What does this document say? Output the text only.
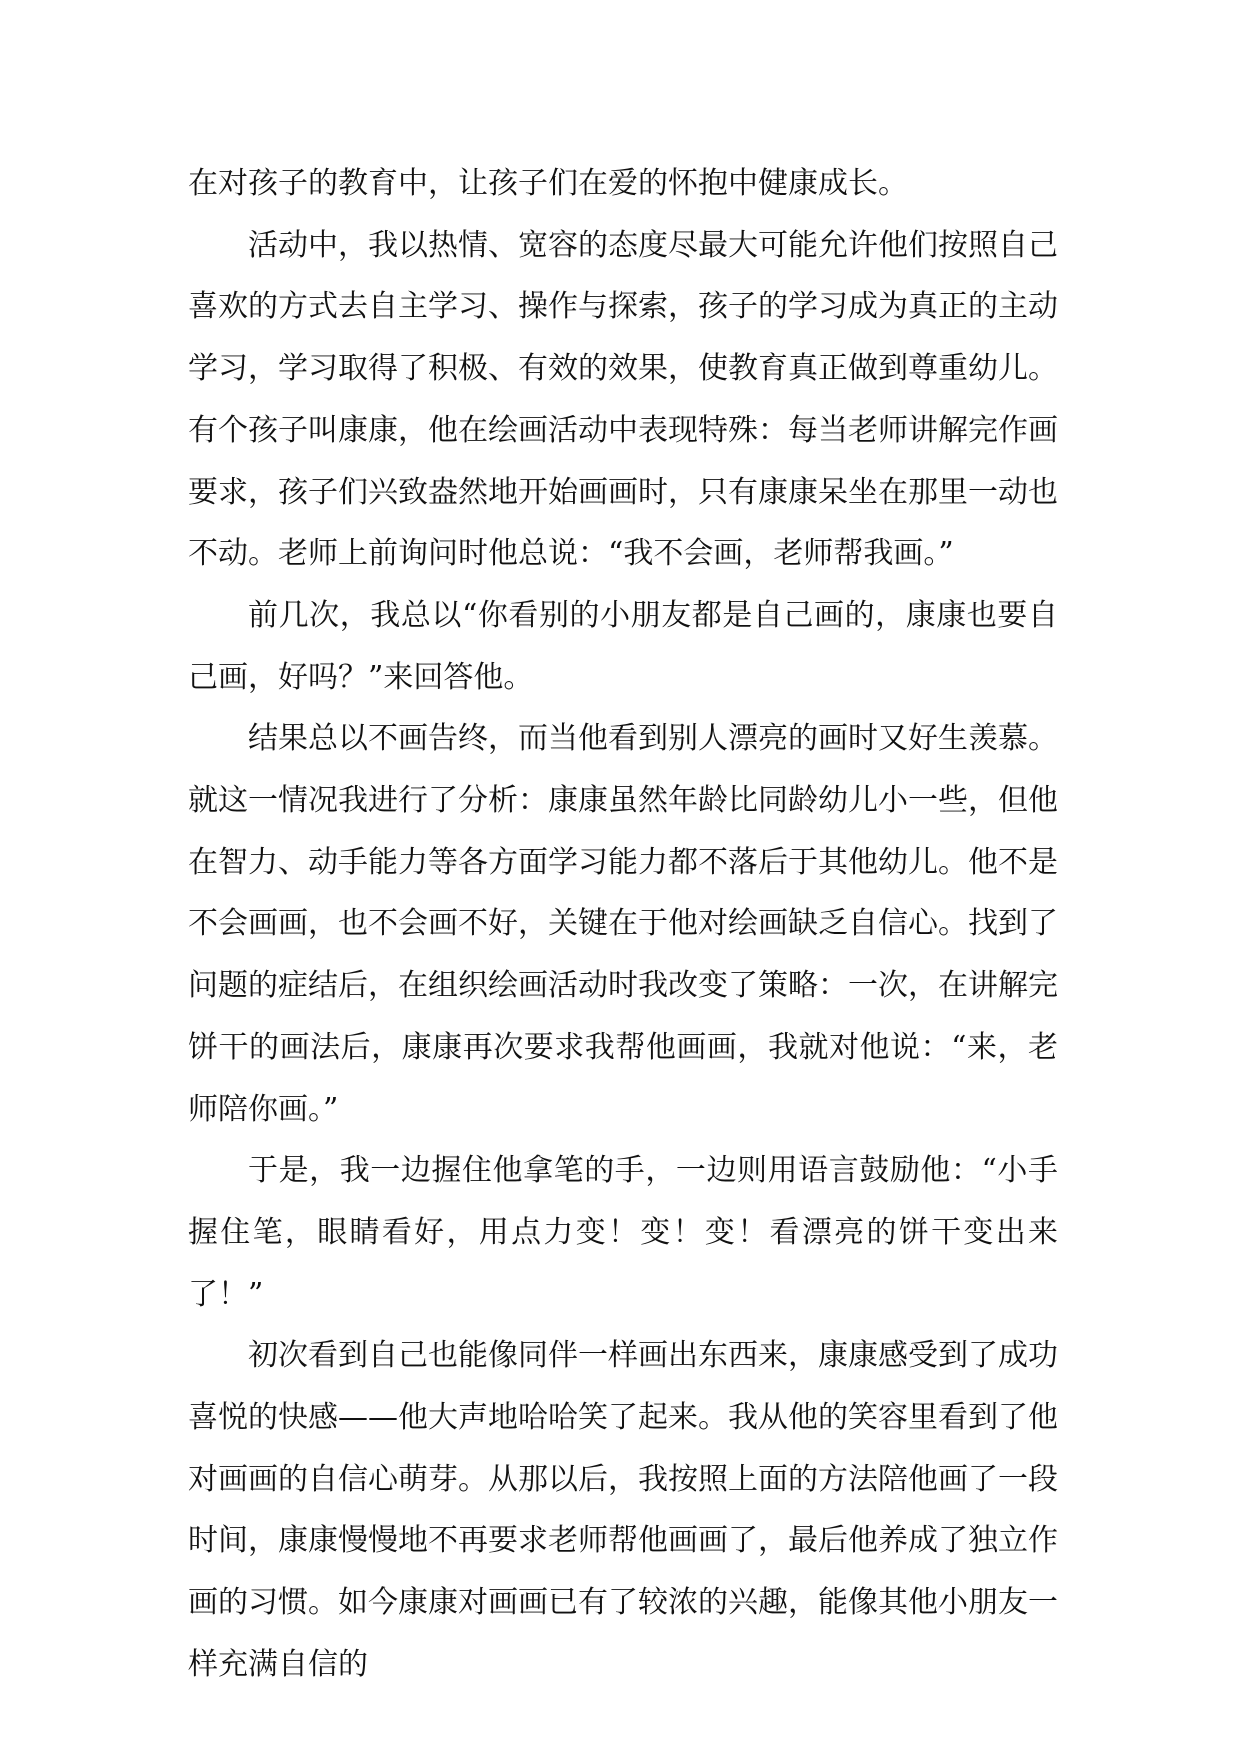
在对孩子的教育中，让孩子们在爱的怀抱中健康成长。

活动中，我以热情、宽容的态度尽最大可能允许他们按照自己喜欢的方式去自主学习、操作与探索，孩子的学习成为真正的主动学习，学习取得了积极、有效的效果，使教育真正做到尊重幼儿。有个孩子叫康康，他在绘画活动中表现特殊：每当老师讲解完作画要求，孩子们兴致盎然地开始画画时，只有康康呆坐在那里一动也不动。老师上前询问时他总说：“我不会画，老师帮我画。”

前几次，我总以“你看别的小朋友都是自己画的，康康也要自己画，好吗？”来回答他。

结果总以不画告终，而当他看到别人漂亮的画时又好生羡慕。就这一情况我进行了分析：康康虽然年龄比同龄幼儿小一些，但他在智力、动手能力等各方面学习能力都不落后于其他幼儿。他不是不会画画，也不会画不好，关键在于他对绘画缺乏自信心。找到了问题的症结后，在组织绘画活动时我改变了策略：一次，在讲解完饼干的画法后，康康再次要求我帮他画画，我就对他说：“来，老师陪你画。”

于是，我一边握住他拿笔的手，一边则用语言鼓励他：“小手握住笔，眼睛看好，用点力变！变！变！看漂亮的饼干变出来了！”

初次看到自己也能像同伴一样画出东西来，康康感受到了成功喜悦的快感——他大声地哈哈笑了起来。我从他的笑容里看到了他对画画的自信心萌芽。从那以后，我按照上面的方法陪他画了一段时间，康康慢慢地不再要求老师帮他画画了，最后他养成了独立作画的习惯。如今康康对画画已有了较浓的兴趣，能像其他小朋友一样充满自信的
